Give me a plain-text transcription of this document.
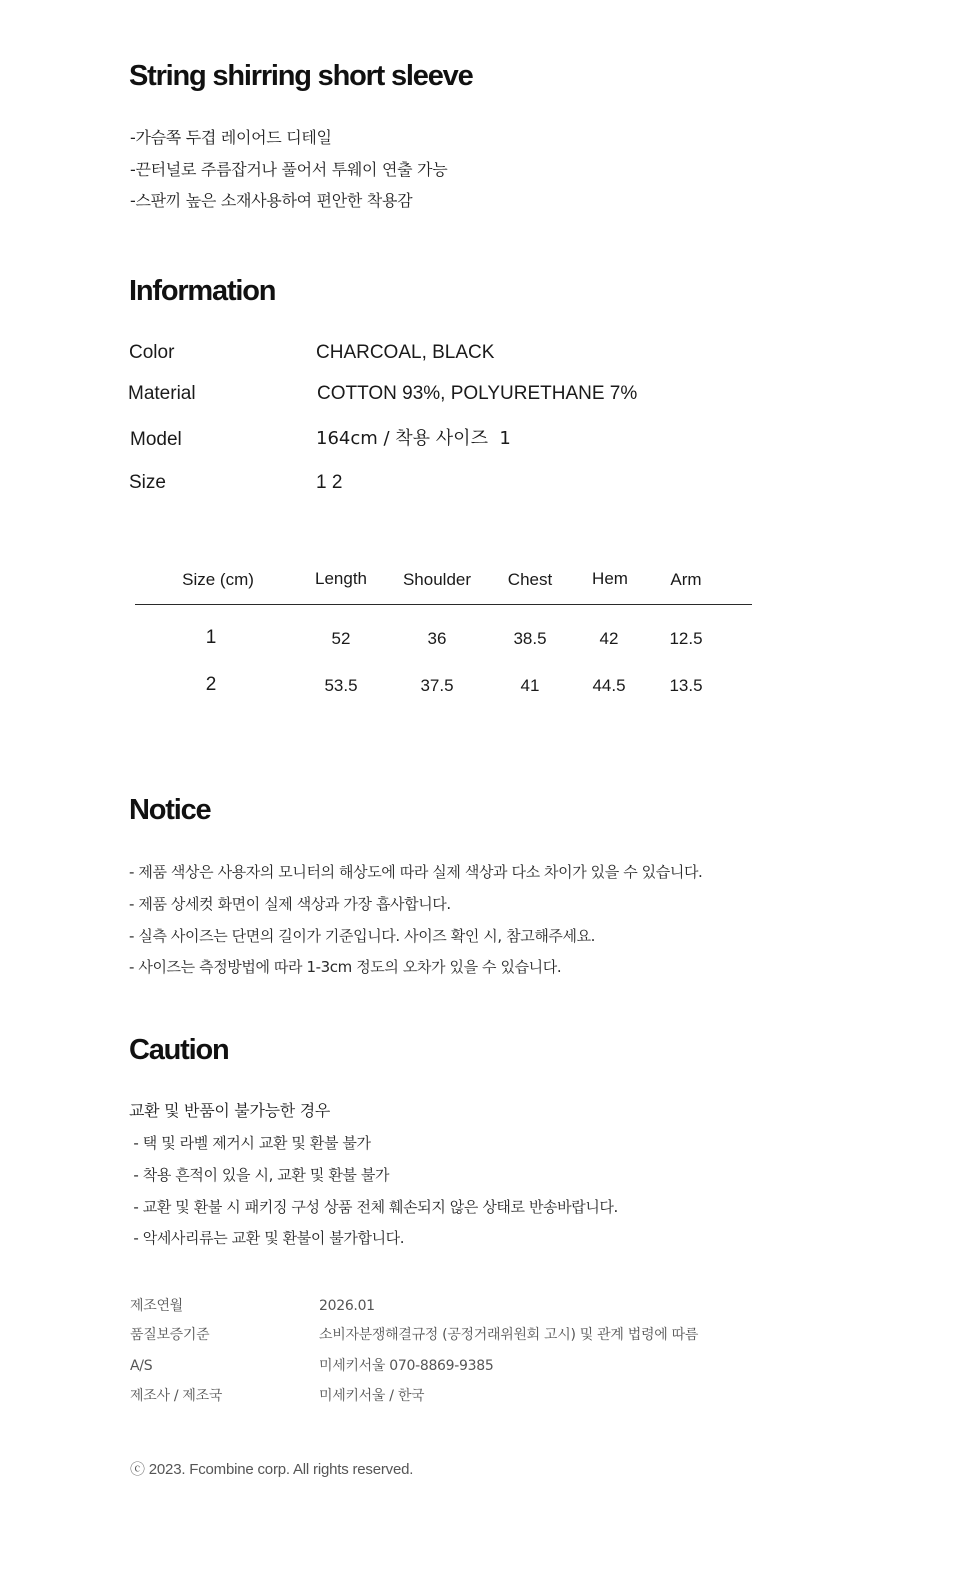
String shirring short sleeve
-가슴쪽 두겹 레이어드 디테일
-끈터널로 주름잡거나 풀어서 투웨이 연출 가능
-스판끼 높은 소재사용하여 편안한 착용감
Information
Color	CHARCOAL, BLACK
Material	COTTON 93%, POLYURETHANE 7%
Model	164cm / 착용 사이즈  1
Size	1 2
Size (cm)	Length Shoulder Chest Hem Arm
1	52	36	38.5	42	12.5
2	53.5	37.5	41	44.5	13.5
Notice
- 제품 색상은 사용자의 모니터의 해상도에 따라 실제 색상과 다소 차이가 있을 수 있습니다.
- 제품 상세컷 화면이 실제 색상과 가장 흡사합니다.
- 실측 사이즈는 단면의 길이가 기준입니다. 사이즈 확인 시, 참고해주세요.
- 사이즈는 측정방법에 따라 1-3cm 정도의 오차가 있을 수 있습니다.
Caution
교환 및 반품이 불가능한 경우
- 택 및 라벨 제거시 교환 및 환불 불가
- 착용 흔적이 있을 시, 교환 및 환불 불가
- 교환 및 환불 시 패키징 구성 상품 전체 훼손되지 않은 상태로 반송바랍니다.
- 악세사리류는 교환 및 환불이 불가합니다.
제조연월	2026.01
품질보증기준	소비자분쟁해결규정 (공정거래위원회 고시) 및 관계 법령에 따름
A/S	미세키서울 070-8869-9385
제조사 / 제조국	미세키서울 / 한국
ⓒ 2023. Fcombine corp. All rights reserved.
